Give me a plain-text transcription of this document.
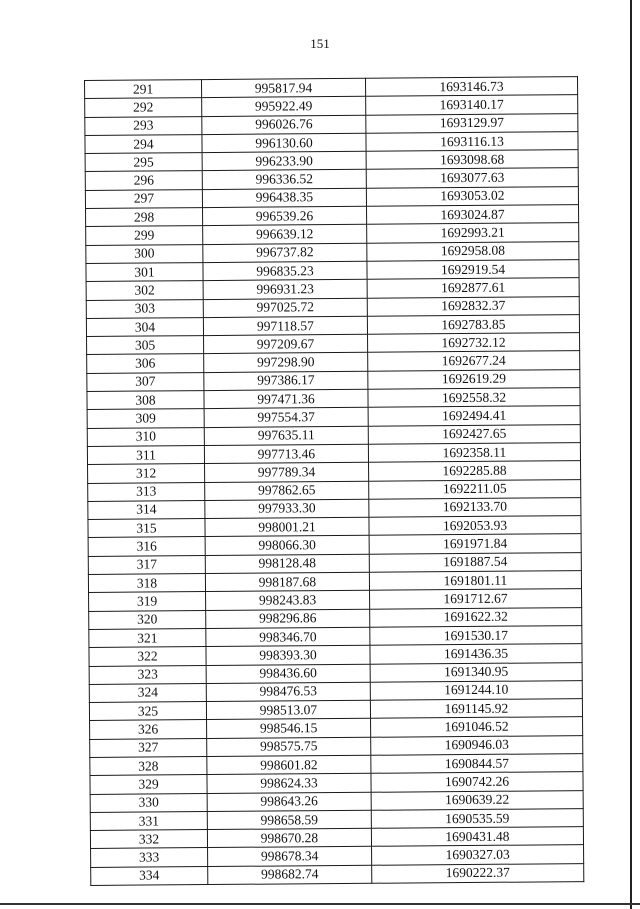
151
291	995817.94	1693146.73
292	995922.49	1693140.17
293	996026.76	1693129.97
294	996130.60	1693116.13
295	996233.90	1693098.68
296	996336.52	1693077.63
297	996438.35	1693053.02
298	996539.26	1693024.87
299	996639.12	1692993.21
300	996737.82	1692958.08
301	996835.23	1692919.54
302	996931.23	1692877.61
303	997025.72	1692832.37
304	997118.57	1692783.85
305	997209.67	1692732.12
306	997298.90	1692677.24
307	997386.17	1692619.29
308	997471.36	1692558.32
309	997554.37	1692494.41
310	997635.11	1692427.65
311	997713.46	1692358.11
312	997789.34	1692285.88
313	997862.65	1692211.05
314	997933.30	1692133.70
315	998001.21	1692053.93
316	998066.30	1691971.84
317	998128.48	1691887.54
318	998187.68	1691801.11
319	998243.83	1691712.67
320	998296.86	1691622.32
321	998346.70	1691530.17
322	998393.30	1691436.35
323	998436.60	1691340.95
324	998476.53	1691244.10
325	998513.07	1691145.92
326	998546.15	1691046.52
327	998575.75	1690946.03
328	998601.82	1690844.57
329	998624.33	1690742.26
330	998643.26	1690639.22
331	998658.59	1690535.59
332	998670.28	1690431.48
333	998678.34	1690327.03
334	998682.74	1690222.37
